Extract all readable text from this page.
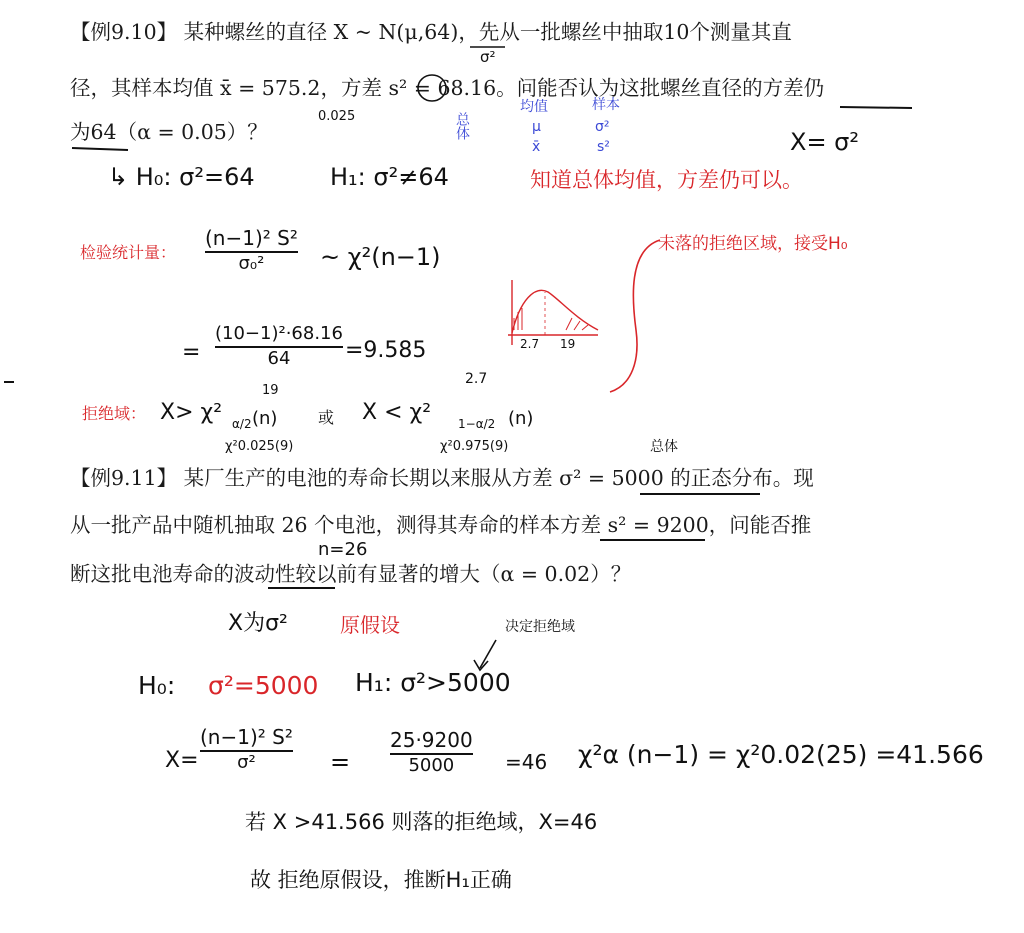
【例9.10】 某种螺丝的直径 X ~ N(μ,64)，先从一批螺丝中抽取10个测量其直
径，其样本均值 x̄ = 575.2，方差 s² = 68.16。问能否认为这批螺丝直径的方差仍
为64（α = 0.05）？
【例9.11】 某厂生产的电池的寿命长期以来服从方差 σ² = 5000 的正态分布。现
从一批产品中随机抽取 26 个电池，测得其寿命的样本方差 s² = 9200，问能否推
断这批电池寿命的波动性较以前有显著的增大（α = 0.02）？
σ²
0.025	总体
均值
μ
x̄
样本
σ²
s²	X= σ²
↳ H₀: σ²=64	H₁: σ²≠64	知道总体均值，方差仍可以。
检验统计量：
(n−1)² S²
σ₀² ~ χ²(n−1)
=
(10−1)²·68.16
64 =9.585
19
2.7
拒绝域： X> χ² α/2 (n)	或 X < χ² 1−α/2 (n)
χ²0.025(9)	χ²0.975(9)
未落的拒绝区域，接受H₀
2.7 19
总体
n=26
X为σ²	原假设	决定拒绝域
H₀: σ²=5000 H₁: σ²>5000
X=
(n−1)² S²
σ²	=
25·9200
5000	=46 χ²α (n−1) = χ²0.02(25) =41.566
若 X >41.566 则落的拒绝域，X=46
故 拒绝原假设，推断H₁正确
